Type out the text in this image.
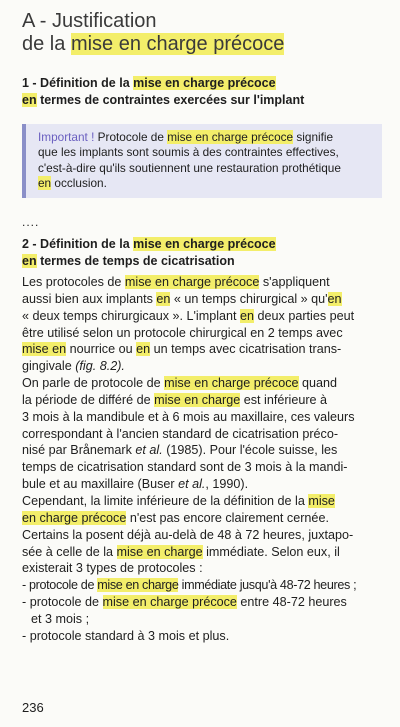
A - Justification
de la mise en charge précoce
1 - Définition de la mise en charge précoce
en termes de contraintes exercées sur l'implant
Important ! Protocole de mise en charge précoce signifie
que les implants sont soumis à des contraintes effectives,
c'est-à-dire qu'ils soutiennent une restauration prothétique
en occlusion.
....
2 - Définition de la mise en charge précoce
en termes de temps de cicatrisation
Les protocoles de mise en charge précoce s'appliquent
aussi bien aux implants en « un temps chirurgical » qu'en
« deux temps chirurgicaux ». L'implant en deux parties peut
être utilisé selon un protocole chirurgical en 2 temps avec
mise en nourrice ou en un temps avec cicatrisation trans-
gingivale (fig. 8.2).
On parle de protocole de mise en charge précoce quand
la période de différé de mise en charge est inférieure à
3 mois à la mandibule et à 6 mois au maxillaire, ces valeurs
correspondant à l'ancien standard de cicatrisation préco-
nisé par Brånemark et al. (1985). Pour l'école suisse, les
temps de cicatrisation standard sont de 3 mois à la mandi-
bule et au maxillaire (Buser et al., 1990).
Cependant, la limite inférieure de la définition de la mise
en charge précoce n'est pas encore clairement cernée.
Certains la posent déjà au-delà de 48 à 72 heures, juxtapo-
sée à celle de la mise en charge immédiate. Selon eux, il
existerait 3 types de protocoles :
- protocole de mise en charge immédiate jusqu'à 48-72 heures ;
- protocole de mise en charge précoce entre 48-72 heures
et 3 mois ;
- protocole standard à 3 mois et plus.
236
